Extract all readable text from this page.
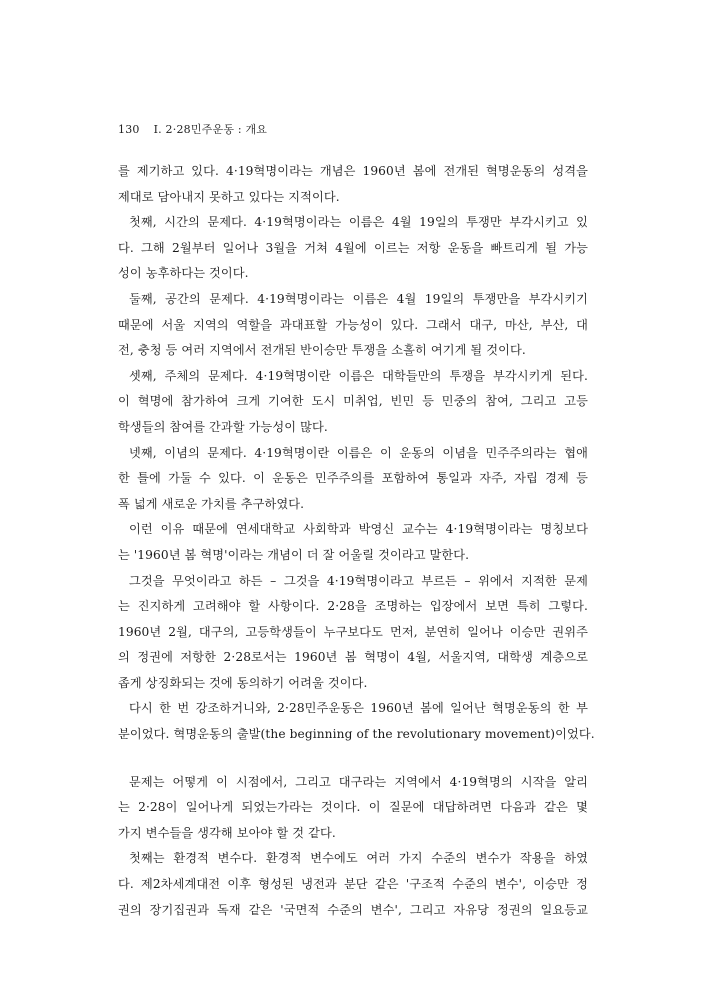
130 Ⅰ. 2·28민주운동 : 개요
를 제기하고 있다. 4·19혁명이라는 개념은 1960년 봄에 전개된 혁명운동의 성격을
제대로 담아내지 못하고 있다는 지적이다.
첫째, 시간의 문제다. 4·19혁명이라는 이름은 4월 19일의 투쟁만 부각시키고 있
다. 그해 2월부터 일어나 3월을 거쳐 4월에 이르는 저항 운동을 빠트리게 될 가능
성이 농후하다는 것이다.
둘째, 공간의 문제다. 4·19혁명이라는 이름은 4월 19일의 투쟁만을 부각시키기
때문에 서울 지역의 역할을 과대표할 가능성이 있다. 그래서 대구, 마산, 부산, 대
전, 충청 등 여러 지역에서 전개된 반이승만 투쟁을 소홀히 여기게 될 것이다.
셋째, 주체의 문제다. 4·19혁명이란 이름은 대학들만의 투쟁을 부각시키게 된다.
이 혁명에 참가하여 크게 기여한 도시 미취업, 빈민 등 민중의 참여, 그리고 고등
학생들의 참여를 간과할 가능성이 많다.
넷째, 이념의 문제다. 4·19혁명이란 이름은 이 운동의 이념을 민주주의라는 협애
한 틀에 가둘 수 있다. 이 운동은 민주주의를 포함하여 통일과 자주, 자립 경제 등
폭 넓게 새로운 가치를 추구하였다.
이런 이유 때문에 연세대학교 사회학과 박영신 교수는 4·19혁명이라는 명칭보다
는 '1960년 봄 혁명'이라는 개념이 더 잘 어울릴 것이라고 말한다.
그것을 무엇이라고 하든 – 그것을 4·19혁명이라고 부르든 – 위에서 지적한 문제
는 진지하게 고려해야 할 사항이다. 2·28을 조명하는 입장에서 보면 특히 그렇다.
1960년 2월, 대구의, 고등학생들이 누구보다도 먼저, 분연히 일어나 이승만 권위주
의 정권에 저항한 2·28로서는 1960년 봄 혁명이 4월, 서울지역, 대학생 계층으로
좁게 상징화되는 것에 동의하기 어려울 것이다.
다시 한 번 강조하거니와, 2·28민주운동은 1960년 봄에 일어난 혁명운동의 한 부
분이었다. 혁명운동의 출발(the beginning of the revolutionary movement)이었다.
문제는 어떻게 이 시점에서, 그리고 대구라는 지역에서 4·19혁명의 시작을 알리
는 2·28이 일어나게 되었는가라는 것이다. 이 질문에 대답하려면 다음과 같은 몇
가지 변수들을 생각해 보아야 할 것 같다.
첫째는 환경적 변수다. 환경적 변수에도 여러 가지 수준의 변수가 작용을 하였
다. 제2차세계대전 이후 형성된 냉전과 분단 같은 '구조적 수준의 변수', 이승만 정
권의 장기집권과 독재 같은 '국면적 수준의 변수', 그리고 자유당 정권의 일요등교
